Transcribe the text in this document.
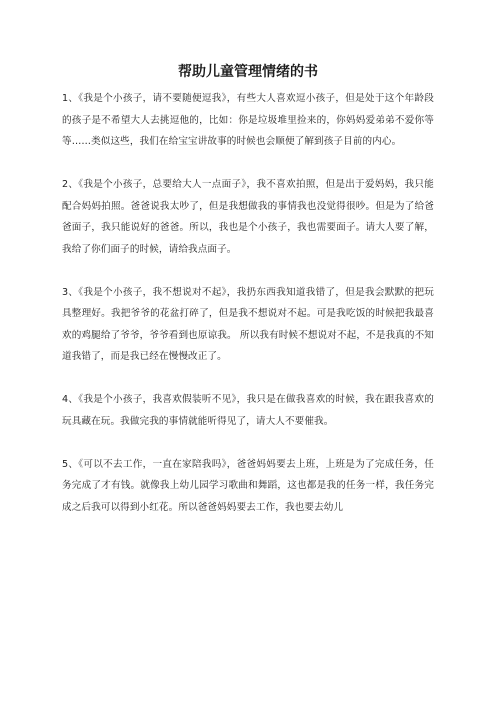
帮助儿童管理情绪的书

1、《我是个小孩子，请不要随便逗我》，有些大人喜欢逗小孩子，但是处于这个年龄段的孩子是不希望大人去挑逗他的，比如：你是垃圾堆里捡来的，你妈妈爱弟弟不爱你等等……类似这些，我们在给宝宝讲故事的时候也会顺便了解到孩子目前的内心。

2、《我是个小孩子，总要给大人一点面子》，我不喜欢拍照，但是出于爱妈妈，我只能配合妈妈拍照。爸爸说我太吵了，但是我想做我的事情我也没觉得很吵。但是为了给爸爸面子，我只能说好的爸爸。所以，我也是个小孩子，我也需要面子。请大人要了解，我给了你们面子的时候，请给我点面子。

3、《我是个小孩子，我不想说对不起》，我扔东西我知道我错了，但是我会默默的把玩具整理好。我把爷爷的花盆打碎了，但是我不想说对不起。可是我吃饭的时候把我最喜欢的鸡腿给了爷爷，爷爷看到也原谅我。 所以我有时候不想说对不起，不是我真的不知道我错了，而是我已经在慢慢改正了。

4、《我是个小孩子，我喜欢假装听不见》，我只是在做我喜欢的时候，我在跟我喜欢的玩具藏在玩。我做完我的事情就能听得见了，请大人不要催我。

5、《可以不去工作，一直在家陪我吗》，爸爸妈妈要去上班，上班是为了完成任务，任务完成了才有钱。就像我上幼儿园学习歌曲和舞蹈，这也都是我的任务一样，我任务完成之后我可以得到小红花。所以爸爸妈妈要去工作，我也要去幼儿
